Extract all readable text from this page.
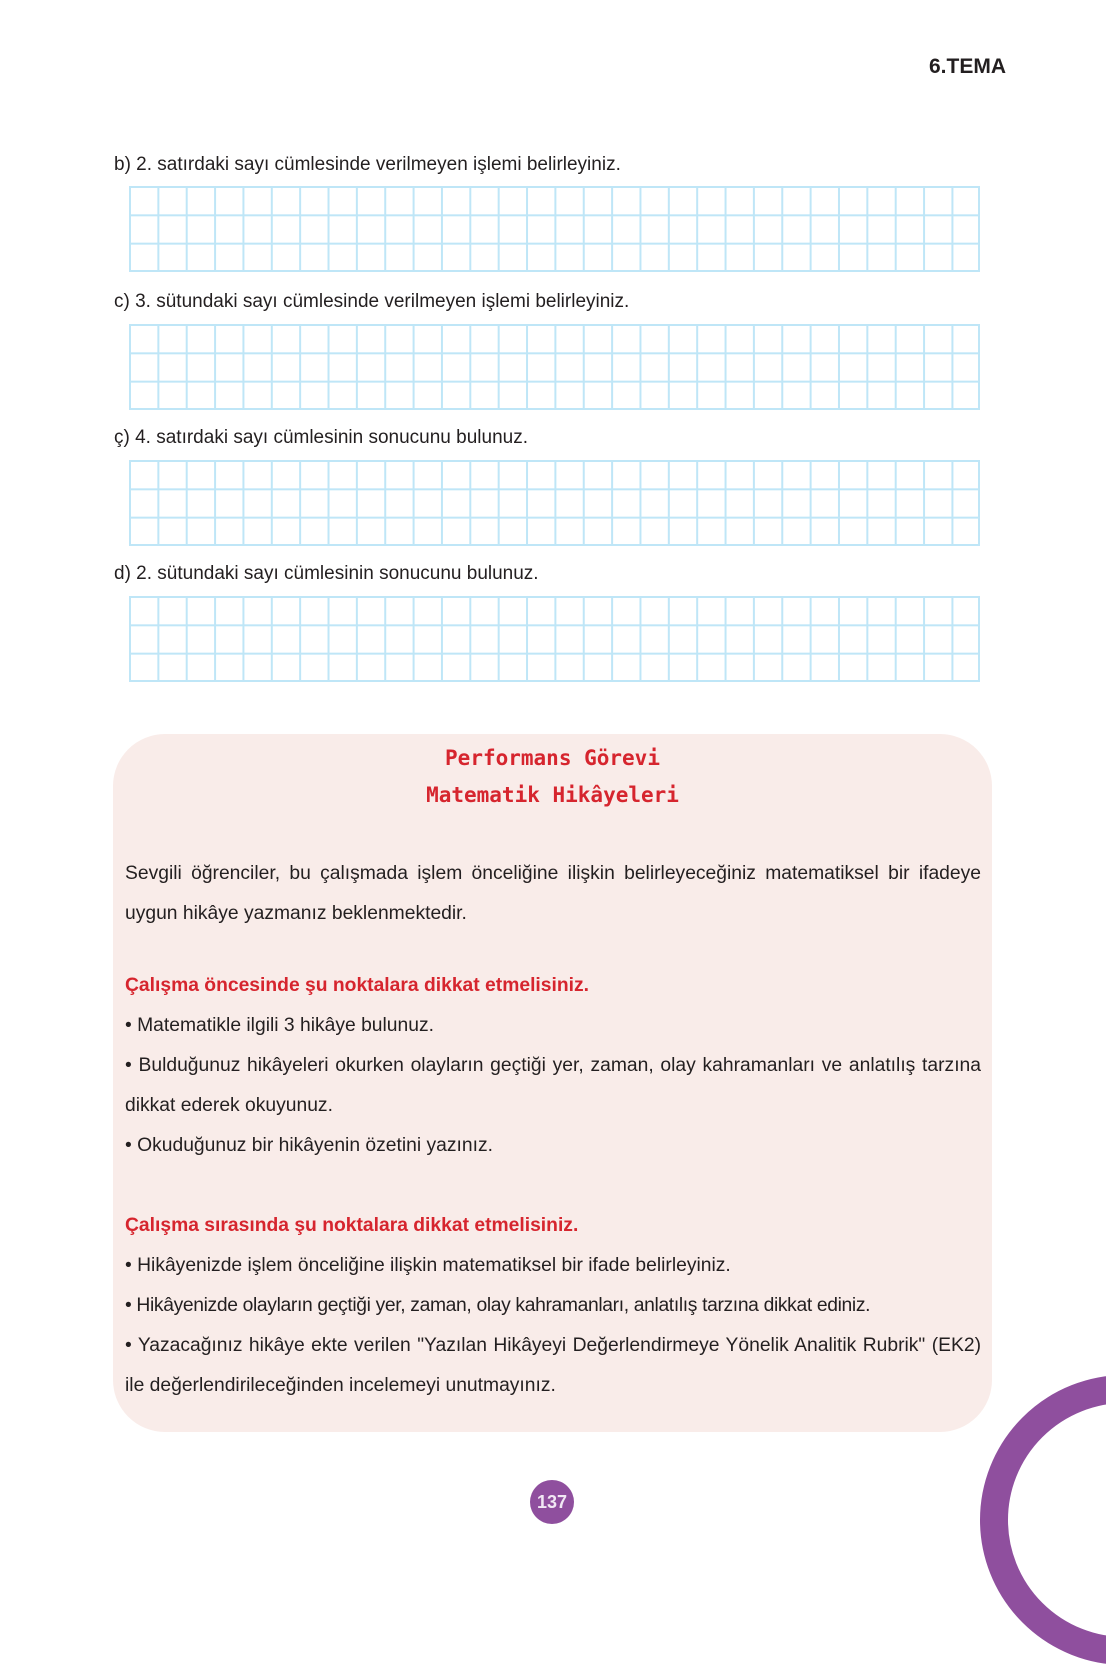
6.TEMA
b) 2. satırdaki sayı cümlesinde verilmeyen işlemi belirleyiniz.
c) 3. sütundaki sayı cümlesinde verilmeyen işlemi belirleyiniz.
ç) 4. satırdaki sayı cümlesinin sonucunu bulunuz.
d) 2. sütundaki sayı cümlesinin sonucunu bulunuz.
Performans Görevi
Matematik Hikâyeleri
Sevgili öğrenciler, bu çalışmada işlem önceliğine ilişkin belirleyeceğiniz matematiksel bir ifadeye uygun hikâye yazmanız beklenmektedir.
Çalışma öncesinde şu noktalara dikkat etmelisiniz.
• Matematikle ilgili 3 hikâye bulunuz.
• Bulduğunuz hikâyeleri okurken olayların geçtiği yer, zaman, olay kahramanları ve anlatılış tarzına dikkat ederek okuyunuz.
• Okuduğunuz bir hikâyenin özetini yazınız.
Çalışma sırasında şu noktalara dikkat etmelisiniz.
• Hikâyenizde işlem önceliğine ilişkin matematiksel bir ifade belirleyiniz.
• Hikâyenizde olayların geçtiği yer, zaman, olay kahramanları, anlatılış tarzına dikkat ediniz.
• Yazacağınız hikâye ekte verilen "Yazılan Hikâyeyi Değerlendirmeye Yönelik Analitik Rubrik" (EK2) ile değerlendirileceğinden incelemeyi unutmayınız.
137
